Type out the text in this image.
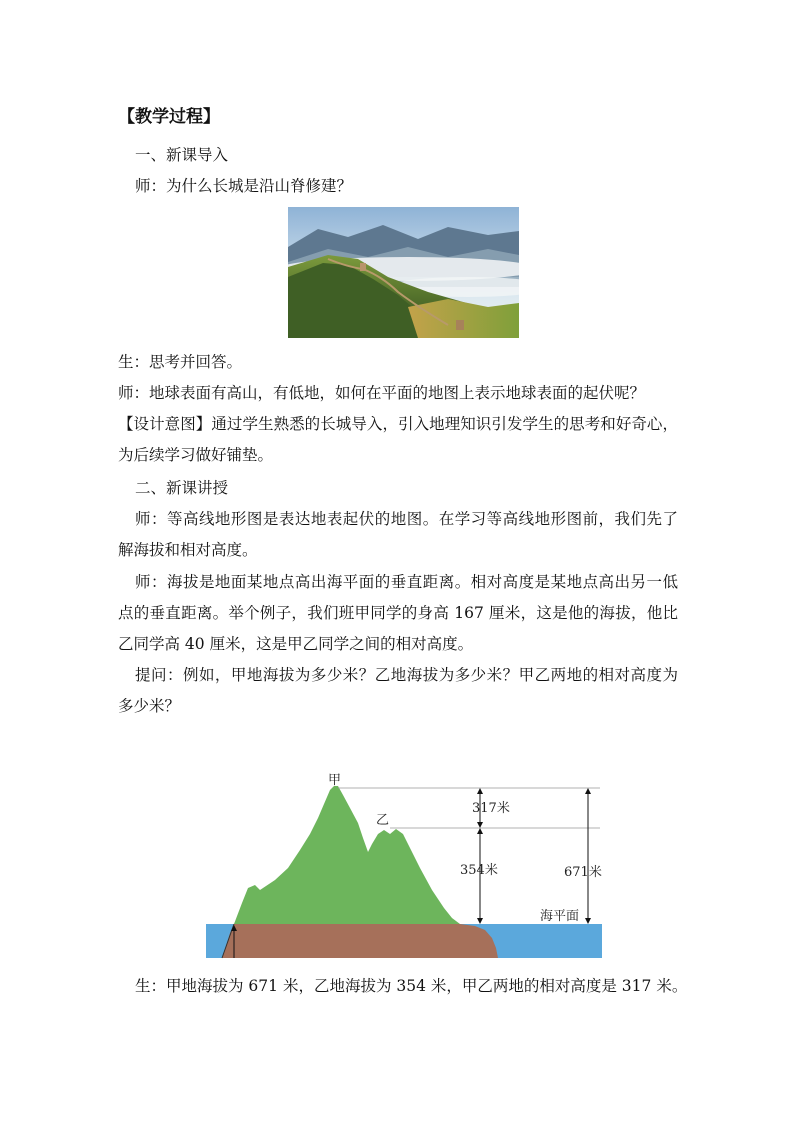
【教学过程】
一、新课导入
师：为什么长城是沿山脊修建？
生：思考并回答。
师：地球表面有高山，有低地，如何在平面的地图上表示地球表面的起伏呢？
【设计意图】通过学生熟悉的长城导入，引入地理知识引发学生的思考和好奇心，
为后续学习做好铺垫。
二、新课讲授
师：等高线地形图是表达地表起伏的地图。在学习等高线地形图前，我们先了
解海拔和相对高度。
师：海拔是地面某地点高出海平面的垂直距离。相对高度是某地点高出另一低
点的垂直距离。举个例子，我们班甲同学的身高 167 厘米，这是他的海拔，他比
乙同学高 40 厘米，这是甲乙同学之间的相对高度。
提问：例如，甲地海拔为多少米？乙地海拔为多少米？甲乙两地的相对高度为
多少米？
甲
乙
317米
354米	671米
海平面
生：甲地海拔为 671 米，乙地海拔为 354 米，甲乙两地的相对高度是 317 米。
